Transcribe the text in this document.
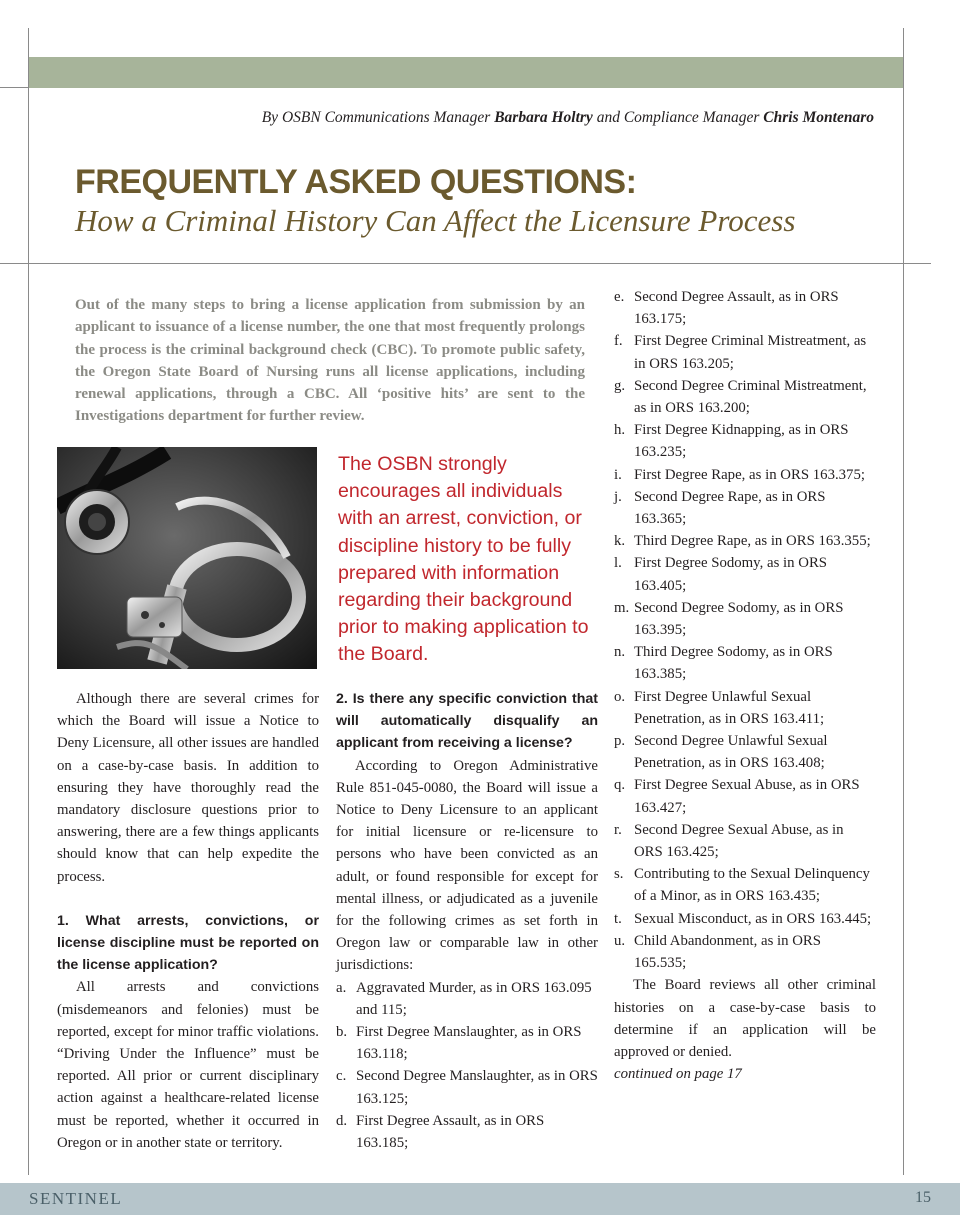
By OSBN Communications Manager Barbara Holtry and Compliance Manager Chris Montenaro
FREQUENTLY ASKED QUESTIONS:
How a Criminal History Can Affect the Licensure Process

Out of the many steps to bring a license application from submission by an applicant to issuance of a license number, the one that most frequently prolongs the process is the criminal background check (CBC). To promote public safety, the Oregon State Board of Nursing runs all license applications, including renewal applications, through a CBC. All ‘positive hits’ are sent to the Investigations department for further review.

The OSBN strongly encourages all individuals with an arrest, conviction, or discipline history to be fully prepared with information regarding their background prior to making application to the Board.

Although there are several crimes for which the Board will issue a Notice to Deny Licensure, all other issues are handled on a case-by-case basis. In addition to ensuring they have thoroughly read the mandatory disclosure questions prior to answering, there are a few things applicants should know that can help expedite the process.

1. What arrests, convictions, or license discipline must be reported on the license application?

All arrests and convictions (misdemeanors and felonies) must be reported, except for minor traffic violations. “Driving Under the Influence” must be reported. All prior or current disciplinary action against a healthcare-related license must be reported, whether it occurred in Oregon or in another state or territory.

2. Is there any specific conviction that will automatically disqualify an applicant from receiving a license?

According to Oregon Administrative Rule 851-045-0080, the Board will issue a Notice to Deny Licensure to an applicant for initial licensure or re-licensure to persons who have been convicted as an adult, or found responsible for except for mental illness, or adjudicated as a juvenile for the following crimes as set forth in Oregon law or comparable law in other jurisdictions:

a. Aggravated Murder, as in ORS 163.095 and 115;
b. First Degree Manslaughter, as in ORS 163.118;
c. Second Degree Manslaughter, as in ORS 163.125;
d. First Degree Assault, as in ORS 163.185;
e. Second Degree Assault, as in ORS 163.175;
f. First Degree Criminal Mistreatment, as in ORS 163.205;
g. Second Degree Criminal Mistreatment, as in ORS 163.200;
h. First Degree Kidnapping, as in ORS 163.235;
i. First Degree Rape, as in ORS 163.375;
j. Second Degree Rape, as in ORS 163.365;
k. Third Degree Rape, as in ORS 163.355;
l. First Degree Sodomy, as in ORS 163.405;
m. Second Degree Sodomy, as in ORS 163.395;
n. Third Degree Sodomy, as in ORS 163.385;
o. First Degree Unlawful Sexual Penetration, as in ORS 163.411;
p. Second Degree Unlawful Sexual Penetration, as in ORS 163.408;
q. First Degree Sexual Abuse, as in ORS 163.427;
r. Second Degree Sexual Abuse, as in ORS 163.425;
s. Contributing to the Sexual Delinquency of a Minor, as in ORS 163.435;
t. Sexual Misconduct, as in ORS 163.445;
u. Child Abandonment, as in ORS 165.535;

The Board reviews all other criminal histories on a case-by-case basis to determine if an application will be approved or denied.

continued on page 17

SENTINEL	15
